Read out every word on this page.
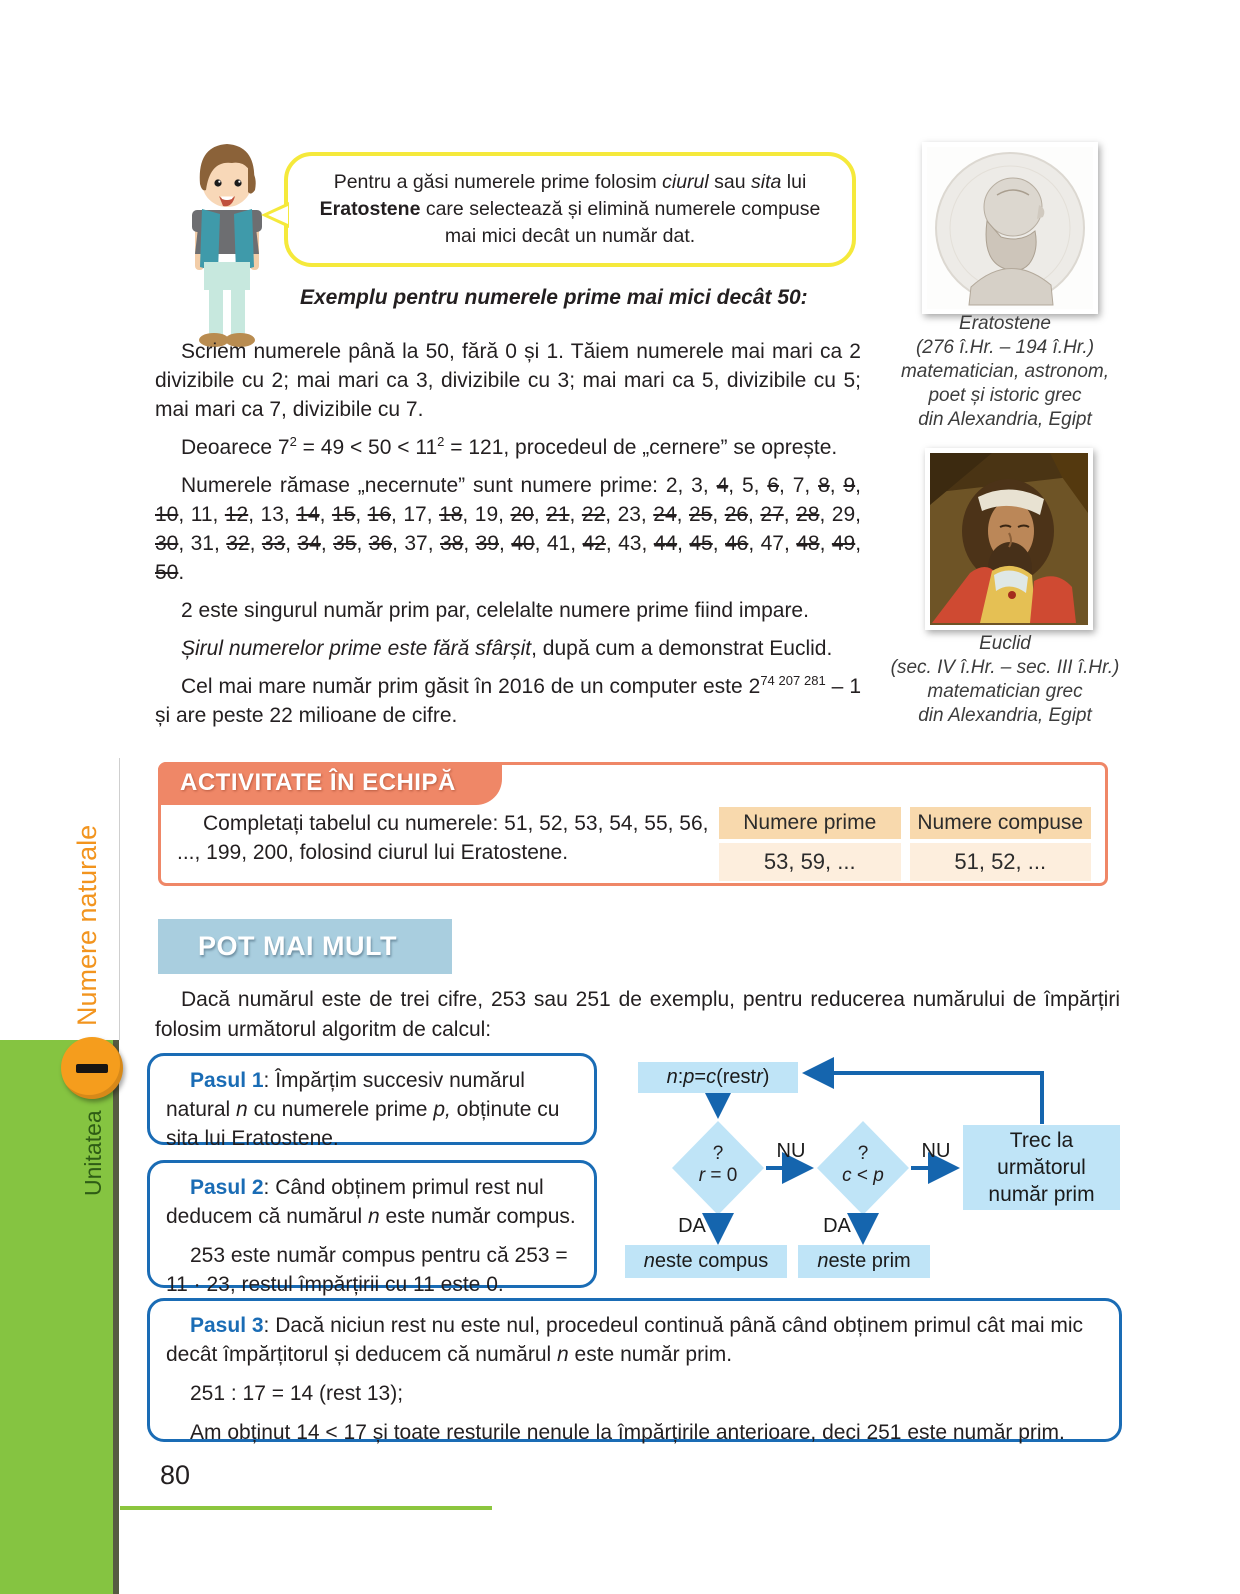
Pentru a găsi numerele prime folosim ciurul sau sita lui Eratostene care selectează și elimină numerele compuse mai mici decât un număr dat.
Exemplu pentru numerele prime mai mici decât 50:

Scriem numerele până la 50, fără 0 și 1. Tăiem numerele mai mari ca 2 divizibile cu 2; mai mari ca 3, divizibile cu 3; mai mari ca 5, divizibile cu 5; mai mari ca 7, divizibile cu 7.

Deoarece $7^2 = 49 < 50 < 11^2 = 121$, procedeul de „cernere” se oprește.

Numerele rămase „necernute” sunt numere prime: 2, 3, 4, 5, 6, 7, 8, 9, 10, 11, 12, 13, 14, 15, 16, 17, 18, 19, 20, 21, 22, 23, 24, 25, 26, 27, 28, 29, 30, 31, 32, 33, 34, 35, 36, 37, 38, 39, 40, 41, 42, 43, 44, 45, 46, 47, 48, 49, 50.

2 este singurul număr prim par, celelalte numere prime fiind impare.

Șirul numerelor prime este fără sfârșit, după cum a demonstrat Euclid.

Cel mai mare număr prim găsit în 2016 de un computer este $2^{74 207 281} - 1$ și are peste 22 milioane de cifre.

Eratostene
(276 î.Hr. – 194 î.Hr.)
matematician, astronom,
poet și istoric grec
din Alexandria, Egipt
Euclid
(sec. IV î.Hr. – sec. III î.Hr.)
matematician grec
din Alexandria, Egipt
ACTIVITATE ÎN ECHIPĂ
Completați tabelul cu numerele: 51, 52, 53, 54, 55, 56, ..., 199, 200, folosind ciurul lui Eratostene.
Numere prime	Numere compuse
53, 59, ...	51, 52, ...
POT MAI MULT
Dacă numărul este de trei cifre, 253 sau 251 de exemplu, pentru reducerea numărului de împărțiri folosim următorul algoritm de calcul:

Pasul 1: Împărțim succesiv numărul natural n cu numerele prime p, obținute cu sita lui Eratostene.

Pasul 2: Când obținem primul rest nul deducem că numărul n este număr compus.

253 este număr compus pentru că 253 = 11 · 23, restul împărțirii cu 11 este 0.

Pasul 3: Dacă niciun rest nu este nul, procedeul continuă până când obținem primul cât mai mic decât împărțitorul și deducem că numărul n este număr prim.

251 : 17 = 14 (rest 13);

Am obținut 14 < 17 și toate resturile nenule la împărțirile anterioare, deci 251 este număr prim.

n : p = c (rest r )
?
r = 0
?
c < p
NU	NU
DA	DA
Trec la următorul număr prim
n este compus	n este prim
Numere naturale
Unitatea
80
